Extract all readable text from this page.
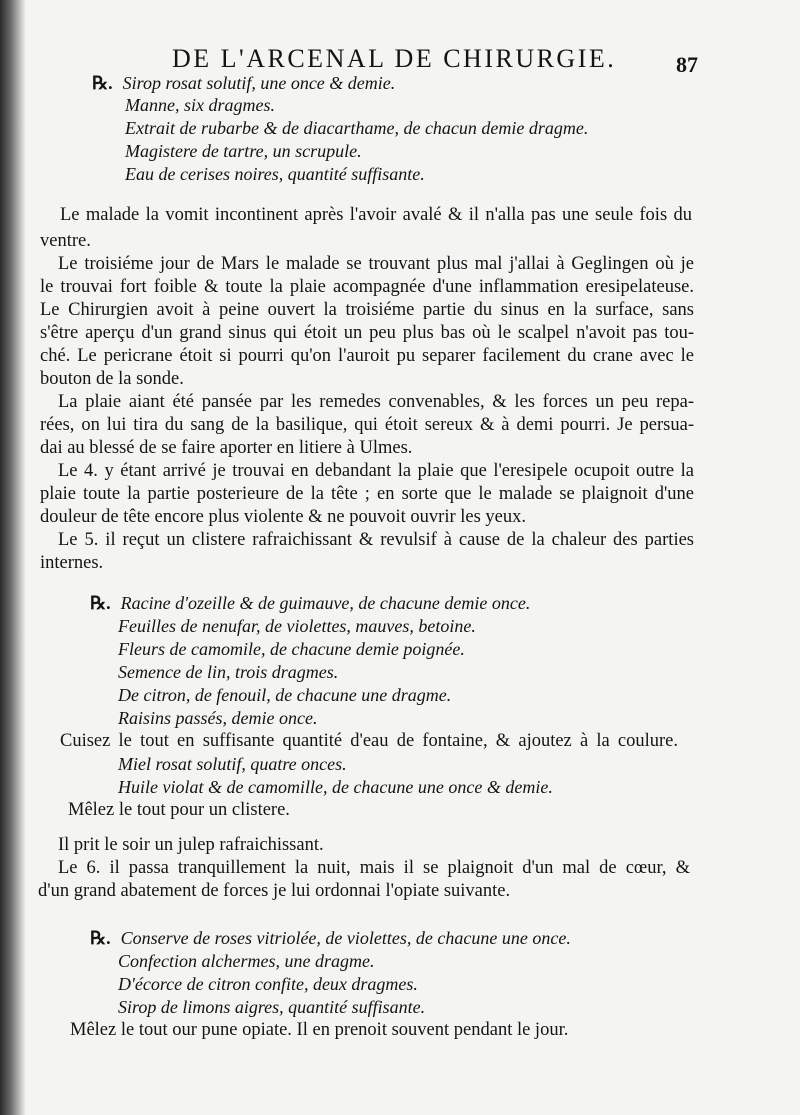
DE L'ARCENAL DE CHIRURGIE.	87
℞. Sirop rosat solutif, une once & demie.
Manne, six dragmes.
Extrait de rubarbe & de diacarthame, de chacun demie dragme.
Magistere de tartre, un scrupule.
Eau de cerises noires, quantité suffisante.
Le malade la vomit incontinent après l'avoir avalé & il n'alla pas une seule fois du
ventre.
Le troisiéme jour de Mars le malade se trouvant plus mal j'allai à Geglingen où je
le trouvai fort foible & toute la plaie acompagnée d'une inflammation eresipelateuse.
Le Chirurgien avoit à peine ouvert la troisiéme partie du sinus en la surface, sans
s'être aperçu d'un grand sinus qui étoit un peu plus bas où le scalpel n'avoit pas tou-
ché. Le pericrane étoit si pourri qu'on l'auroit pu separer facilement du crane avec le
bouton de la sonde.
La plaie aiant été pansée par les remedes convenables, & les forces un peu repa-
rées, on lui tira du sang de la basilique, qui étoit sereux & à demi pourri. Je persua-
dai au blessé de se faire aporter en litiere à Ulmes.
Le 4. y étant arrivé je trouvai en debandant la plaie que l'eresipele ocupoit outre la
plaie toute la partie posterieure de la tête ; en sorte que le malade se plaignoit d'une
douleur de tête encore plus violente & ne pouvoit ouvrir les yeux.
Le 5. il reçut un clistere rafraichissant & revulsif à cause de la chaleur des parties
internes.
℞. Racine d'ozeille & de guimauve, de chacune demie once.
Feuilles de nenufar, de violettes, mauves, betoine.
Fleurs de camomile, de chacune demie poignée.
Semence de lin, trois dragmes.
De citron, de fenouil, de chacune une dragme.
Raisins passés, demie once.
Cuisez le tout en suffisante quantité d'eau de fontaine, & ajoutez à la coulure.
Miel rosat solutif, quatre onces.
Huile violat & de camomille, de chacune une once & demie.
Mêlez le tout pour un clistere.
Il prit le soir un julep rafraichissant.
Le 6. il passa tranquillement la nuit, mais il se plaignoit d'un mal de cœur, &
d'un grand abatement de forces je lui ordonnai l'opiate suivante.
℞. Conserve de roses vitriolée, de violettes, de chacune une once.
Confection alchermes, une dragme.
D'écorce de citron confite, deux dragmes.
Sirop de limons aigres, quantité suffisante.
Mêlez le tout our pune opiate. Il en prenoit souvent pendant le jour.
